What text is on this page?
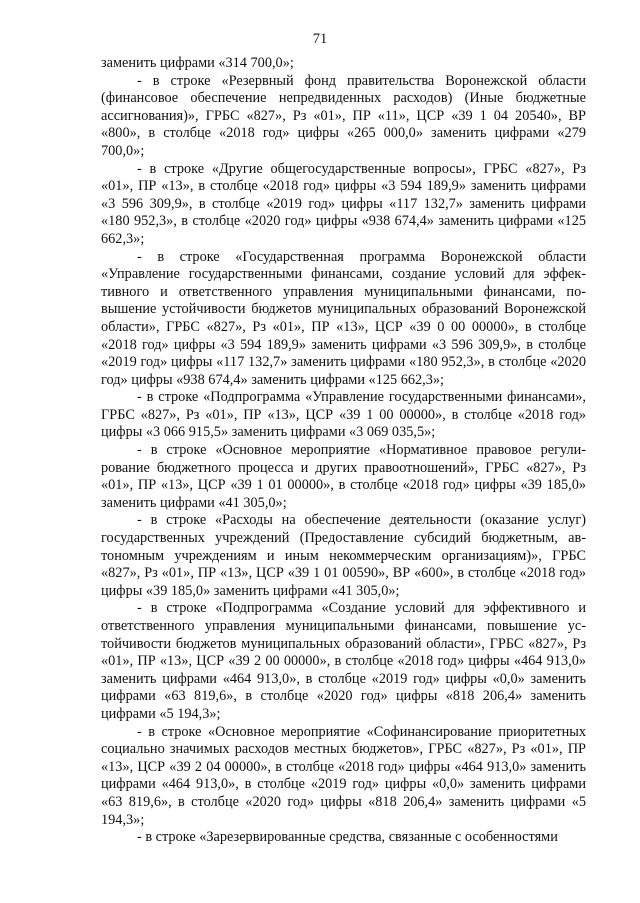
71

заменить цифрами «314 700,0»;

- в строке «Резервный фонд правительства Воронежской области (финансовое обеспечение непредвиденных расходов) (Иные бюджетные ассигнования)», ГРБС «827», Рз «01», ПР «11», ЦСР «39 1 04 20540», ВР «800», в столбце «2018 год» цифры «265 000,0» заменить цифрами «279 700,0»;

- в строке «Другие общегосударственные вопросы», ГРБС «827», Рз «01», ПР «13», в столбце «2018 год» цифры «3 594 189,9» заменить цифрами «3 596 309,9», в столбце «2019 год» цифры «117 132,7» заменить цифрами «180 952,3», в столбце «2020 год» цифры «938 674,4» заменить цифрами «125 662,3»;

- в строке «Государственная программа Воронежской области «Управление государственными финансами, создание условий для эффективного и ответственного управления муниципальными финансами, повышение устойчивости бюджетов муниципальных образований Воронежской области», ГРБС «827», Рз «01», ПР «13», ЦСР «39 0 00 00000», в столбце «2018 год» цифры «3 594 189,9» заменить цифрами «3 596 309,9», в столбце «2019 год» цифры «117 132,7» заменить цифрами «180 952,3», в столбце «2020 год» цифры «938 674,4» заменить цифрами «125 662,3»;

- в строке «Подпрограмма «Управление государственными финансами», ГРБС «827», Рз «01», ПР «13», ЦСР «39 1 00 00000», в столбце «2018 год» цифры «3 066 915,5» заменить цифрами «3 069 035,5»;

- в строке «Основное мероприятие «Нормативное правовое регулирование бюджетного процесса и других правоотношений», ГРБС «827», Рз «01», ПР «13», ЦСР «39 1 01 00000», в столбце «2018 год» цифры «39 185,0» заменить цифрами «41 305,0»;

- в строке «Расходы на обеспечение деятельности (оказание услуг) государственных учреждений (Предоставление субсидий бюджетным, автономным учреждениям и иным некоммерческим организациям)», ГРБС «827», Рз «01», ПР «13», ЦСР «39 1 01 00590», ВР «600», в столбце «2018 год» цифры «39 185,0» заменить цифрами «41 305,0»;

- в строке «Подпрограмма «Создание условий для эффективного и ответственного управления муниципальными финансами, повышение устойчивости бюджетов муниципальных образований области», ГРБС «827», Рз «01», ПР «13», ЦСР «39 2 00 00000», в столбце «2018 год» цифры «464 913,0» заменить цифрами «464 913,0», в столбце «2019 год» цифры «0,0» заменить цифрами «63 819,6», в столбце «2020 год» цифры «818 206,4» заменить цифрами «5 194,3»;

- в строке «Основное мероприятие «Софинансирование приоритетных социально значимых расходов местных бюджетов», ГРБС «827», Рз «01», ПР «13», ЦСР «39 2 04 00000», в столбце «2018 год» цифры «464 913,0» заменить цифрами «464 913,0», в столбце «2019 год» цифры «0,0» заменить цифрами «63 819,6», в столбце «2020 год» цифры «818 206,4» заменить цифрами «5 194,3»;

- в строке «Зарезервированные средства, связанные с особенностями
